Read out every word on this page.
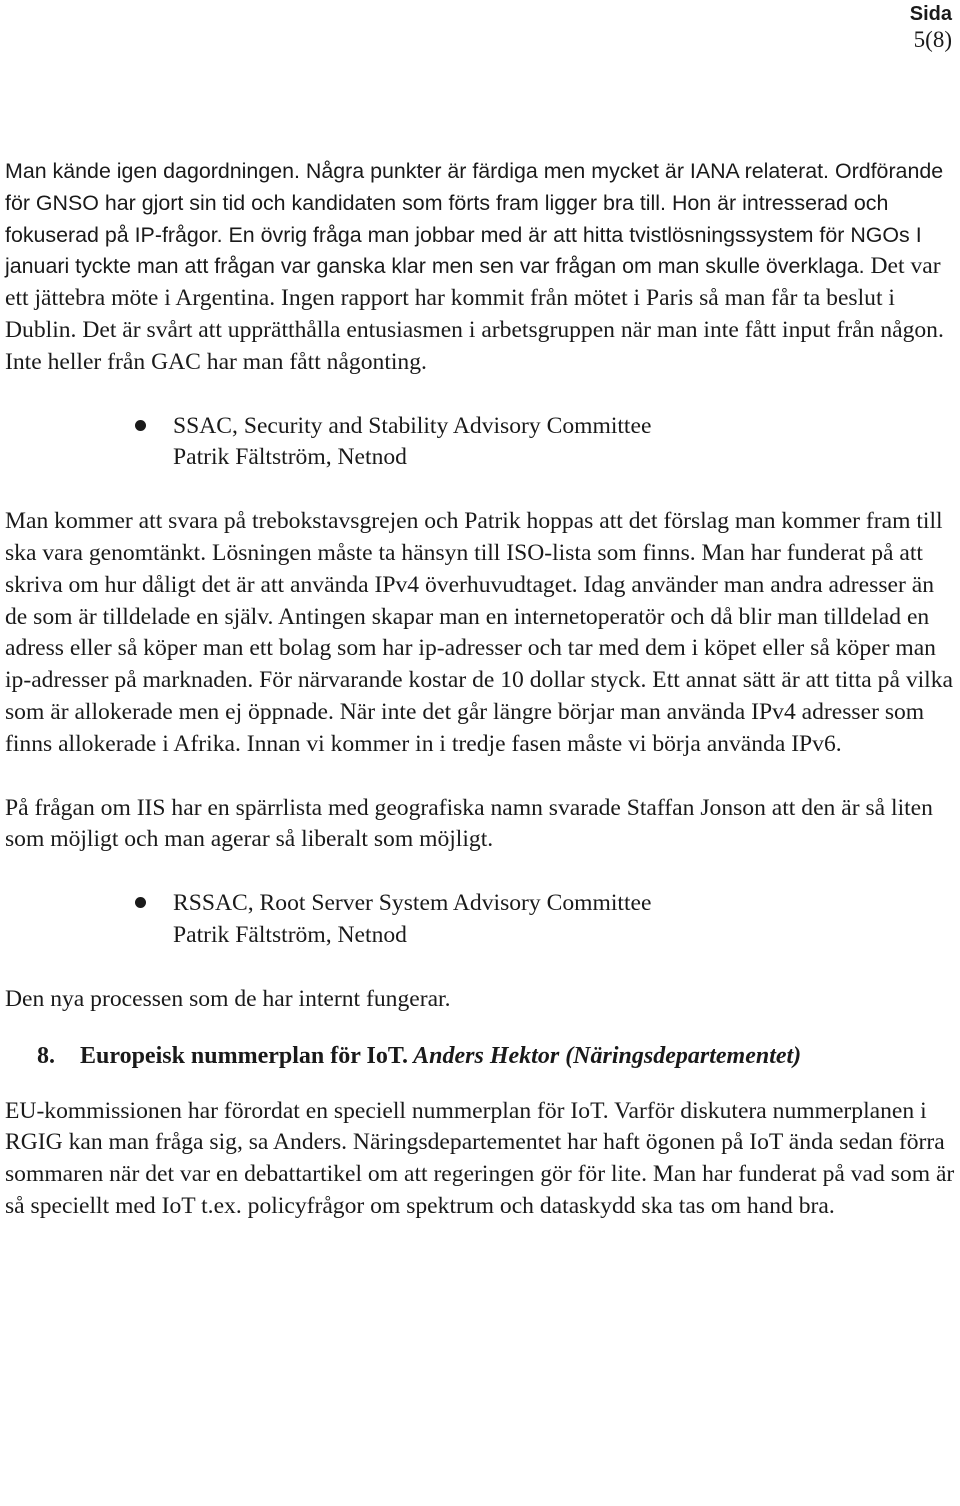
Sida
5(8)

Man kände igen dagordningen. Några punkter är färdiga men mycket är IANA relaterat. Ordförande för GNSO har gjort sin tid och kandidaten som förts fram ligger bra till. Hon är intresserad och fokuserad på IP-frågor. En övrig fråga man jobbar med är att hitta tvistlösningssystem för NGOs I januari tyckte man att frågan var ganska klar men sen var frågan om man skulle överklaga. Det var ett jättebra möte i Argentina. Ingen rapport har kommit från mötet i Paris så man får ta beslut i Dublin. Det är svårt att upprätthålla entusiasmen i arbetsgruppen när man inte fått input från någon. Inte heller från GAC har man fått någonting.

SSAC, Security and Stability Advisory Committee
Patrik Fältström, Netnod

Man kommer att svara på trebokstavsgrejen och Patrik hoppas att det förslag man kommer fram till ska vara genomtänkt. Lösningen måste ta hänsyn till ISO-lista som finns. Man har funderat på att skriva om hur dåligt det är att använda IPv4 överhuvudtaget. Idag använder man andra adresser än de som är tilldelade en själv. Antingen skapar man en internetoperatör och då blir man tilldelad en adress eller så köper man ett bolag som har ip-adresser och tar med dem i köpet eller så köper man ip-adresser på marknaden. För närvarande kostar de 10 dollar styck. Ett annat sätt är att titta på vilka som är allokerade men ej öppnade. När inte det går längre börjar man använda IPv4 adresser som finns allokerade i Afrika. Innan vi kommer in i tredje fasen måste vi börja använda IPv6.

På frågan om IIS har en spärrlista med geografiska namn svarade Staffan Jonson att den är så liten som möjligt och man agerar så liberalt som möjligt.

RSSAC, Root Server System Advisory Committee
Patrik Fältström, Netnod

Den nya processen som de har internt fungerar.

8.	Europeisk nummerplan för IoT. Anders Hektor (Näringsdepartementet)

EU-kommissionen har förordat en speciell nummerplan för IoT. Varför diskutera nummerplanen i RGIG kan man fråga sig, sa Anders. Näringsdepartementet har haft ögonen på IoT ända sedan förra sommaren när det var en debattartikel om att regeringen gör för lite. Man har funderat på vad som är så speciellt med IoT t.ex. policyfrågor om spektrum och dataskydd ska tas om hand bra.
